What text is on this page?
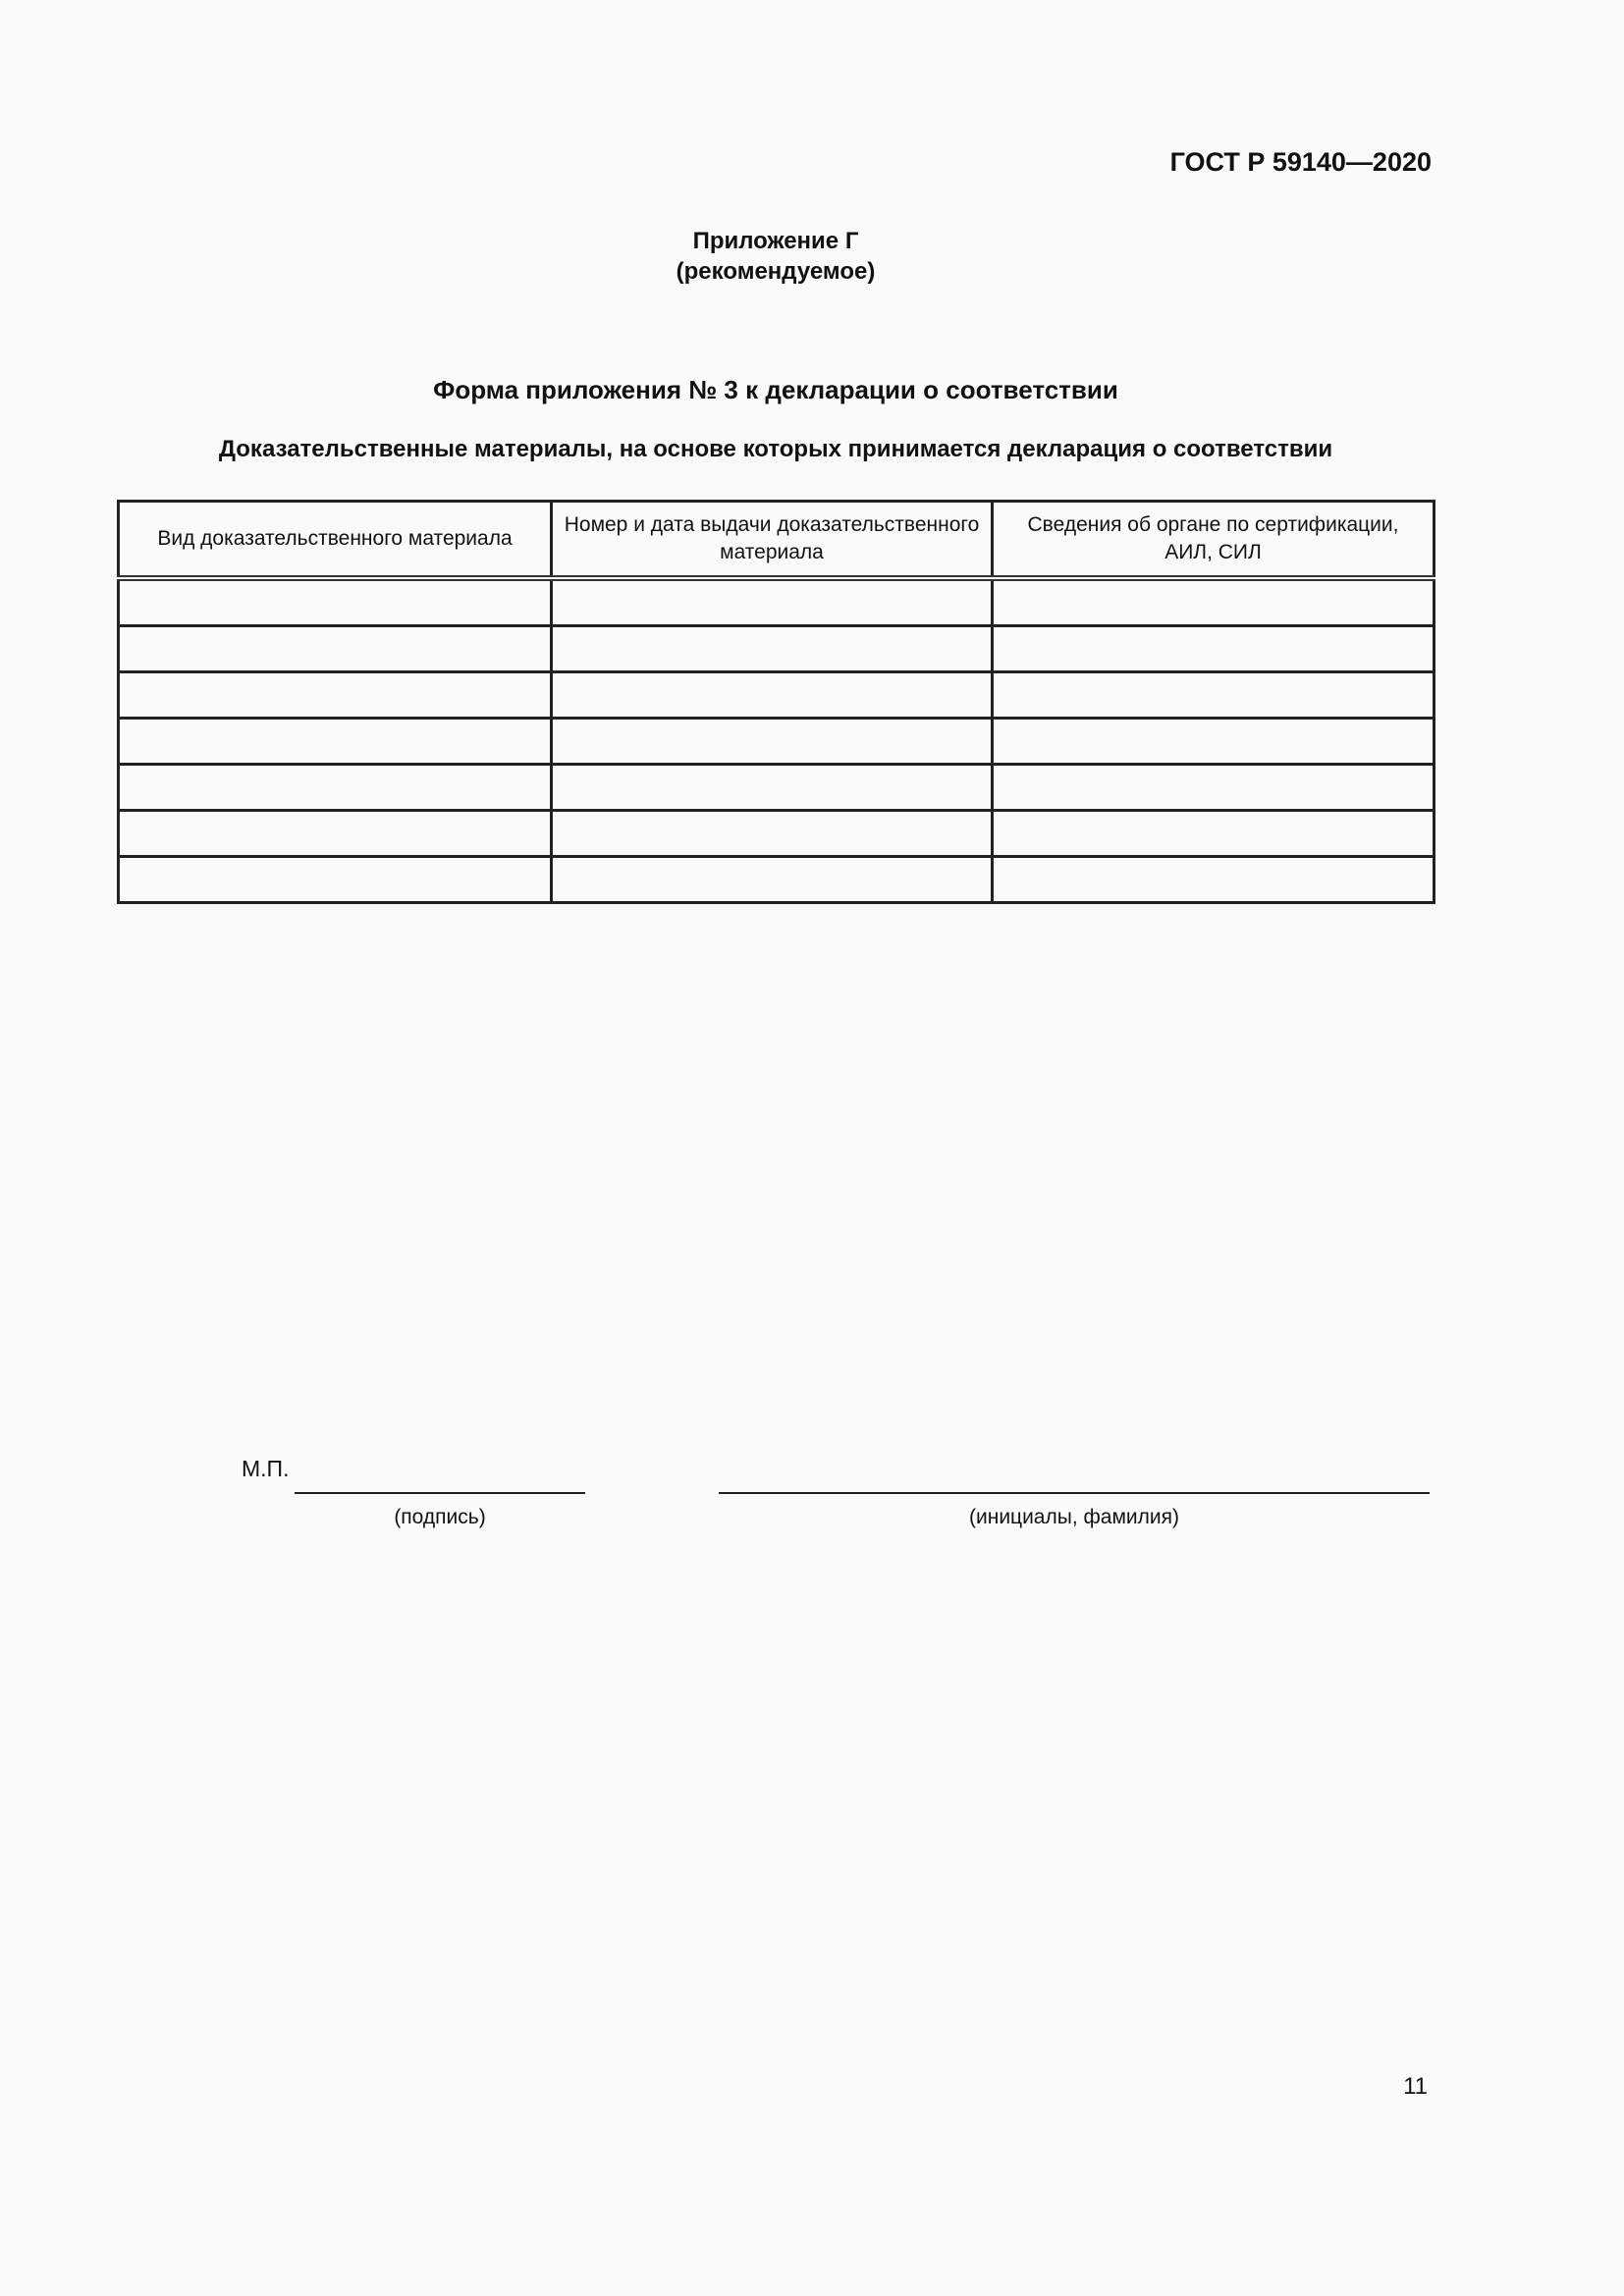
ГОСТ Р 59140—2020
Приложение Г
(рекомендуемое)
Форма приложения № 3 к декларации о соответствии
Доказательственные материалы, на основе которых принимается декларация о соответствии
Вид доказательственного материала	Номер и дата выдачи доказательственного материала	Сведения об органе по сертификации, АИЛ, СИЛ

М.П.
(подпись)	(инициалы, фамилия)
11
